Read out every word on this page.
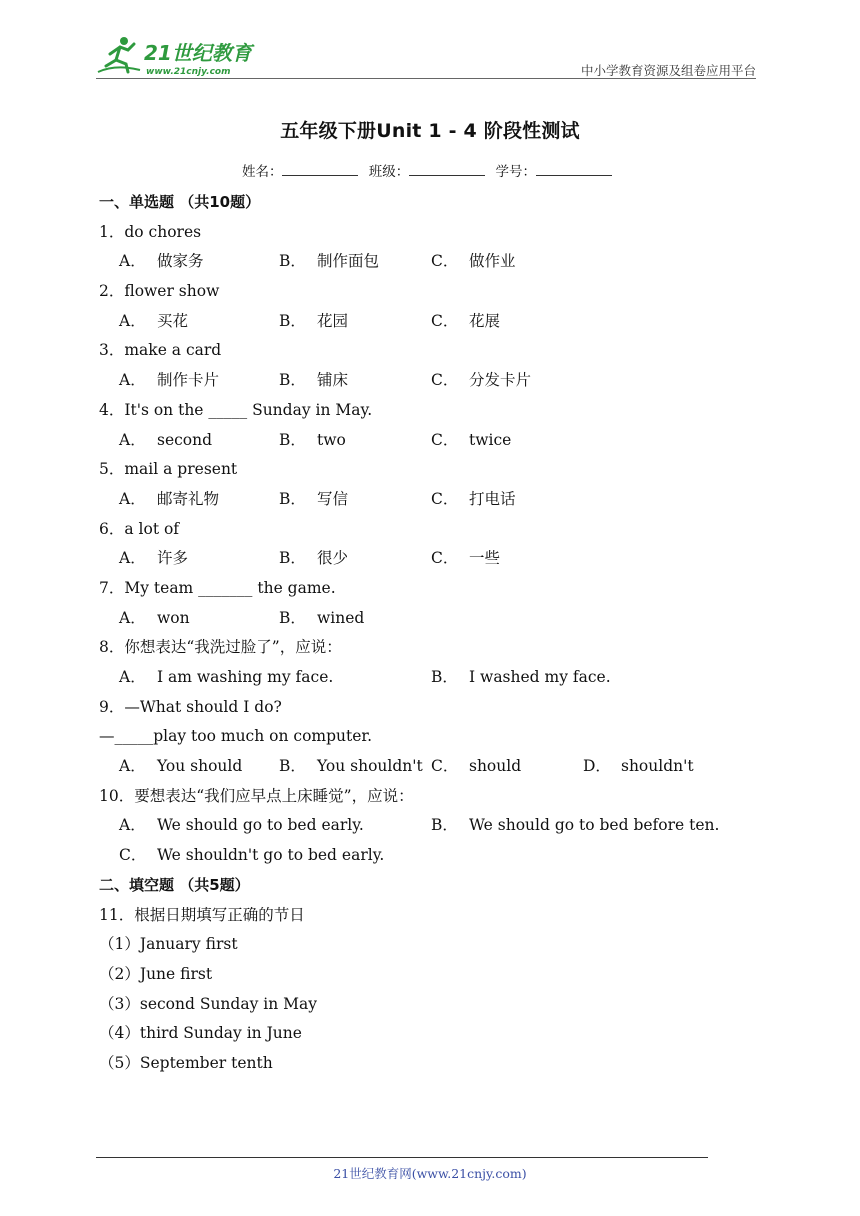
21世纪教育
www.21cnjy.com	中小学教育资源及组卷应用平台
五年级下册Unit 1 - 4 阶段性测试
姓名：	班级：	学号：
一、单选题 （共10题）
1．do chores
A． 做家务	B． 制作面包	C． 做作业
2．flower show
A． 买花	B． 花园	C． 花展
3．make a card
A． 制作卡片	B． 铺床	C． 分发卡片
4．It's on the _____ Sunday in May.
A． second	B． two	C． twice
5．mail a present
A． 邮寄礼物	B． 写信	C． 打电话
6．a lot of
A． 许多	B． 很少	C． 一些
7．My team _______ the game.
A． won	B． wined
8．你想表达“我洗过脸了”，应说：
A． I am washing my face.	B． I washed my face.
9．—What should I do?
—_____play too much on computer.
A． You should B． You shouldn't C． should	D． shouldn't
10．要想表达“我们应早点上床睡觉”，应说：
A． We should go to bed early.	B． We should go to bed before ten.
C． We shouldn't go to bed early.
二、填空题 （共5题）
11．根据日期填写正确的节日
（1）January first
（2）June first
（3）second Sunday in May
（4）third Sunday in June
（5）September tenth
21世纪教育网(www.21cnjy.com)
